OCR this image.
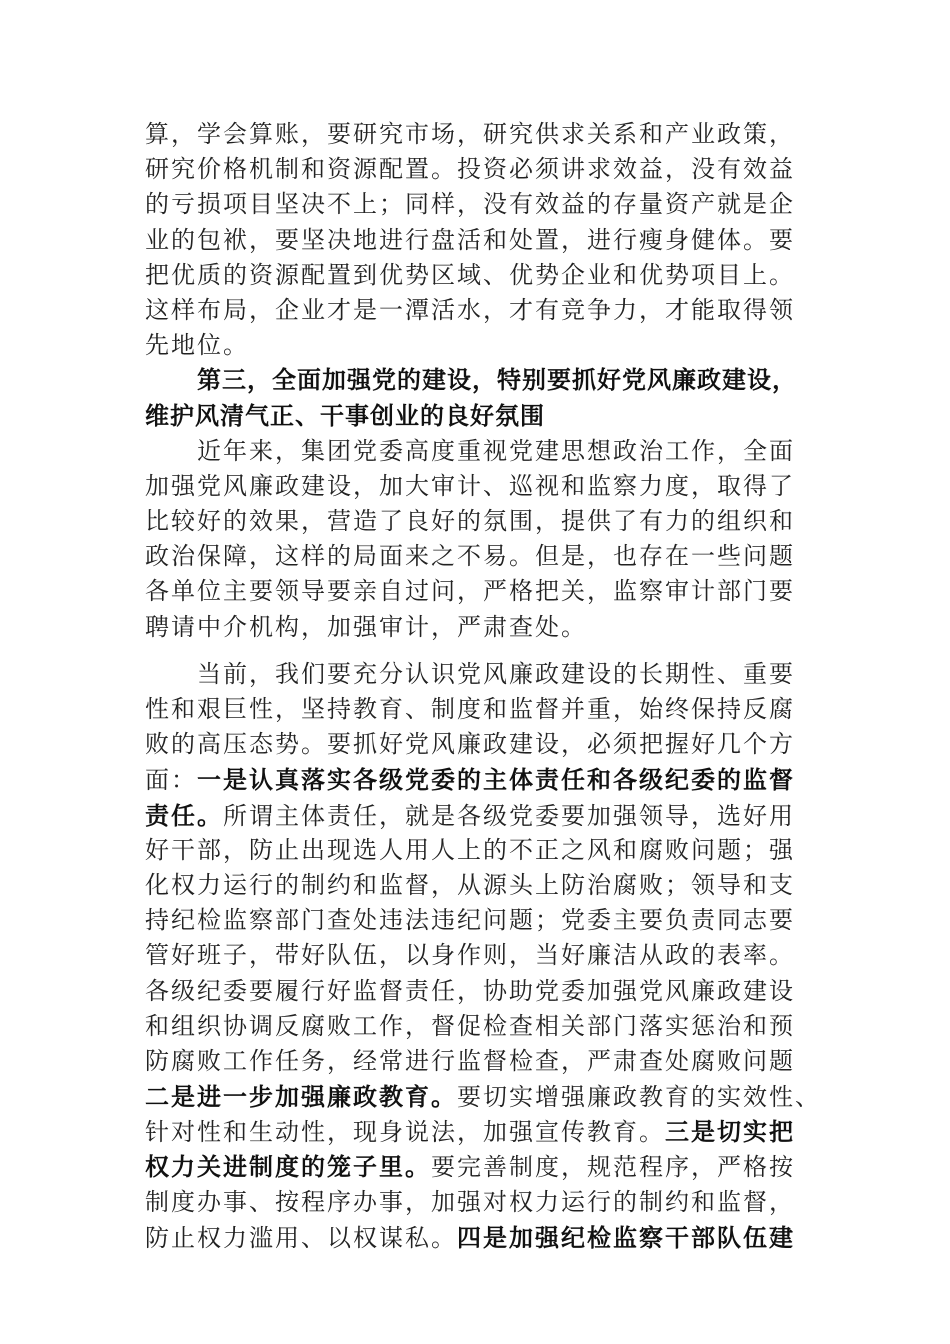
算，学会算账，要研究市场，研究供求关系和产业政策，
研究价格机制和资源配置。投资必须讲求效益，没有效益
的亏损项目坚决不上；同样，没有效益的存量资产就是企
业的包袱，要坚决地进行盘活和处置，进行瘦身健体。要
把优质的资源配置到优势区域、优势企业和优势项目上。
这样布局，企业才是一潭活水，才有竞争力，才能取得领
先地位。
第三，全面加强党的建设，特别要抓好党风廉政建设，
维护风清气正、干事创业的良好氛围
近年来，集团党委高度重视党建思想政治工作，全面
加强党风廉政建设，加大审计、巡视和监察力度，取得了
比较好的效果，营造了良好的氛围，提供了有力的组织和
政治保障，这样的局面来之不易。但是，也存在一些问题
各单位主要领导要亲自过问，严格把关，监察审计部门要
聘请中介机构，加强审计，严肃查处。
当前，我们要充分认识党风廉政建设的长期性、重要
性和艰巨性，坚持教育、制度和监督并重，始终保持反腐
败的高压态势。要抓好党风廉政建设，必须把握好几个方
面：一是认真落实各级党委的主体责任和各级纪委的监督
责任。所谓主体责任，就是各级党委要加强领导，选好用
好干部，防止出现选人用人上的不正之风和腐败问题；强
化权力运行的制约和监督，从源头上防治腐败；领导和支
持纪检监察部门查处违法违纪问题；党委主要负责同志要
管好班子，带好队伍，以身作则，当好廉洁从政的表率。
各级纪委要履行好监督责任，协助党委加强党风廉政建设
和组织协调反腐败工作，督促检查相关部门落实惩治和预
防腐败工作任务，经常进行监督检查，严肃查处腐败问题
二是进一步加强廉政教育。要切实增强廉政教育的实效性、
针对性和生动性，现身说法，加强宣传教育。三是切实把
权力关进制度的笼子里。要完善制度，规范程序，严格按
制度办事、按程序办事，加强对权力运行的制约和监督，
防止权力滥用、以权谋私。四是加强纪检监察干部队伍建
